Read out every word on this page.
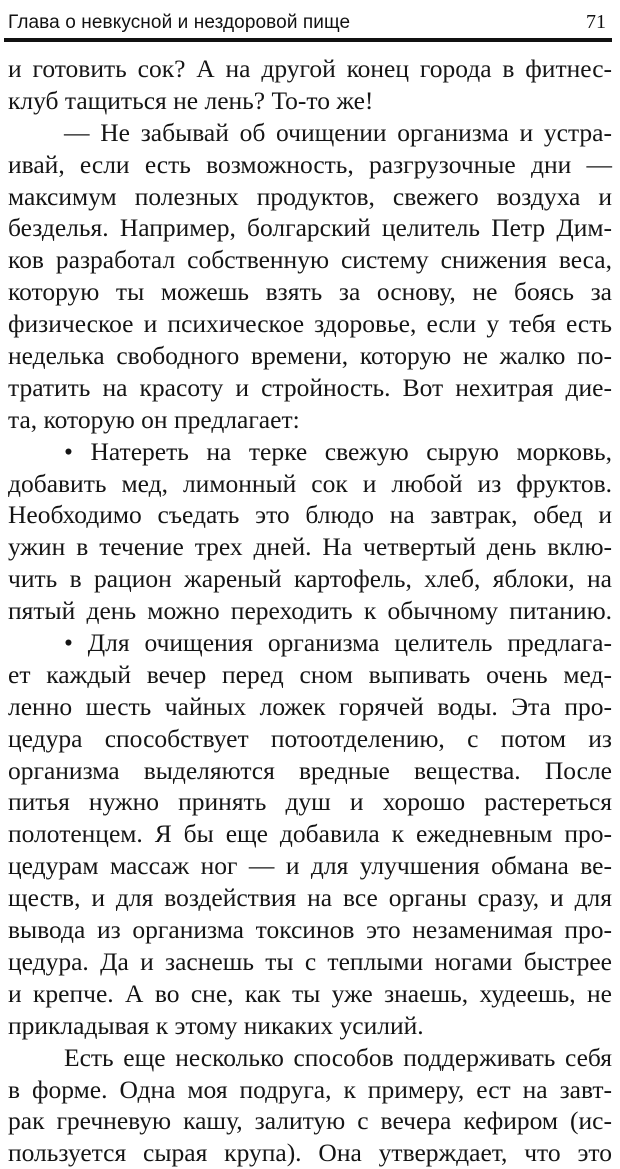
Глава о невкусной и нездоровой пище	71
и готовить сок? А на другой конец города в фитнес-
клуб тащиться не лень? То-то же!
— Не забывай об очищении организма и устра-
ивай, если есть возможность, разгрузочные дни —
максимум полезных продуктов, свежего воздуха и
безделья. Например, болгарский целитель Петр Дим-
ков разработал собственную систему снижения веса,
которую ты можешь взять за основу, не боясь за
физическое и психическое здоровье, если у тебя есть
неделька свободного времени, которую не жалко по-
тратить на красоту и стройность. Вот нехитрая дие-
та, которую он предлагает:
• Натереть на терке свежую сырую морковь,
добавить мед, лимонный сок и любой из фруктов.
Необходимо съедать это блюдо на завтрак, обед и
ужин в течение трех дней. На четвертый день вклю-
чить в рацион жареный картофель, хлеб, яблоки, на
пятый день можно переходить к обычному питанию.
• Для очищения организма целитель предлага-
ет каждый вечер перед сном выпивать очень мед-
ленно шесть чайных ложек горячей воды. Эта про-
цедура способствует потоотделению, с потом из
организма выделяются вредные вещества. После
питья нужно принять душ и хорошо растереться
полотенцем. Я бы еще добавила к ежедневным про-
цедурам массаж ног — и для улучшения обмана ве-
ществ, и для воздействия на все органы сразу, и для
вывода из организма токсинов это незаменимая про-
цедура. Да и заснешь ты с теплыми ногами быстрее
и крепче. А во сне, как ты уже знаешь, худеешь, не
прикладывая к этому никаких усилий.
Есть еще несколько способов поддерживать себя
в форме. Одна моя подруга, к примеру, ест на завт-
рак гречневую кашу, залитую с вечера кефиром (ис-
пользуется сырая крупа). Она утверждает, что это
